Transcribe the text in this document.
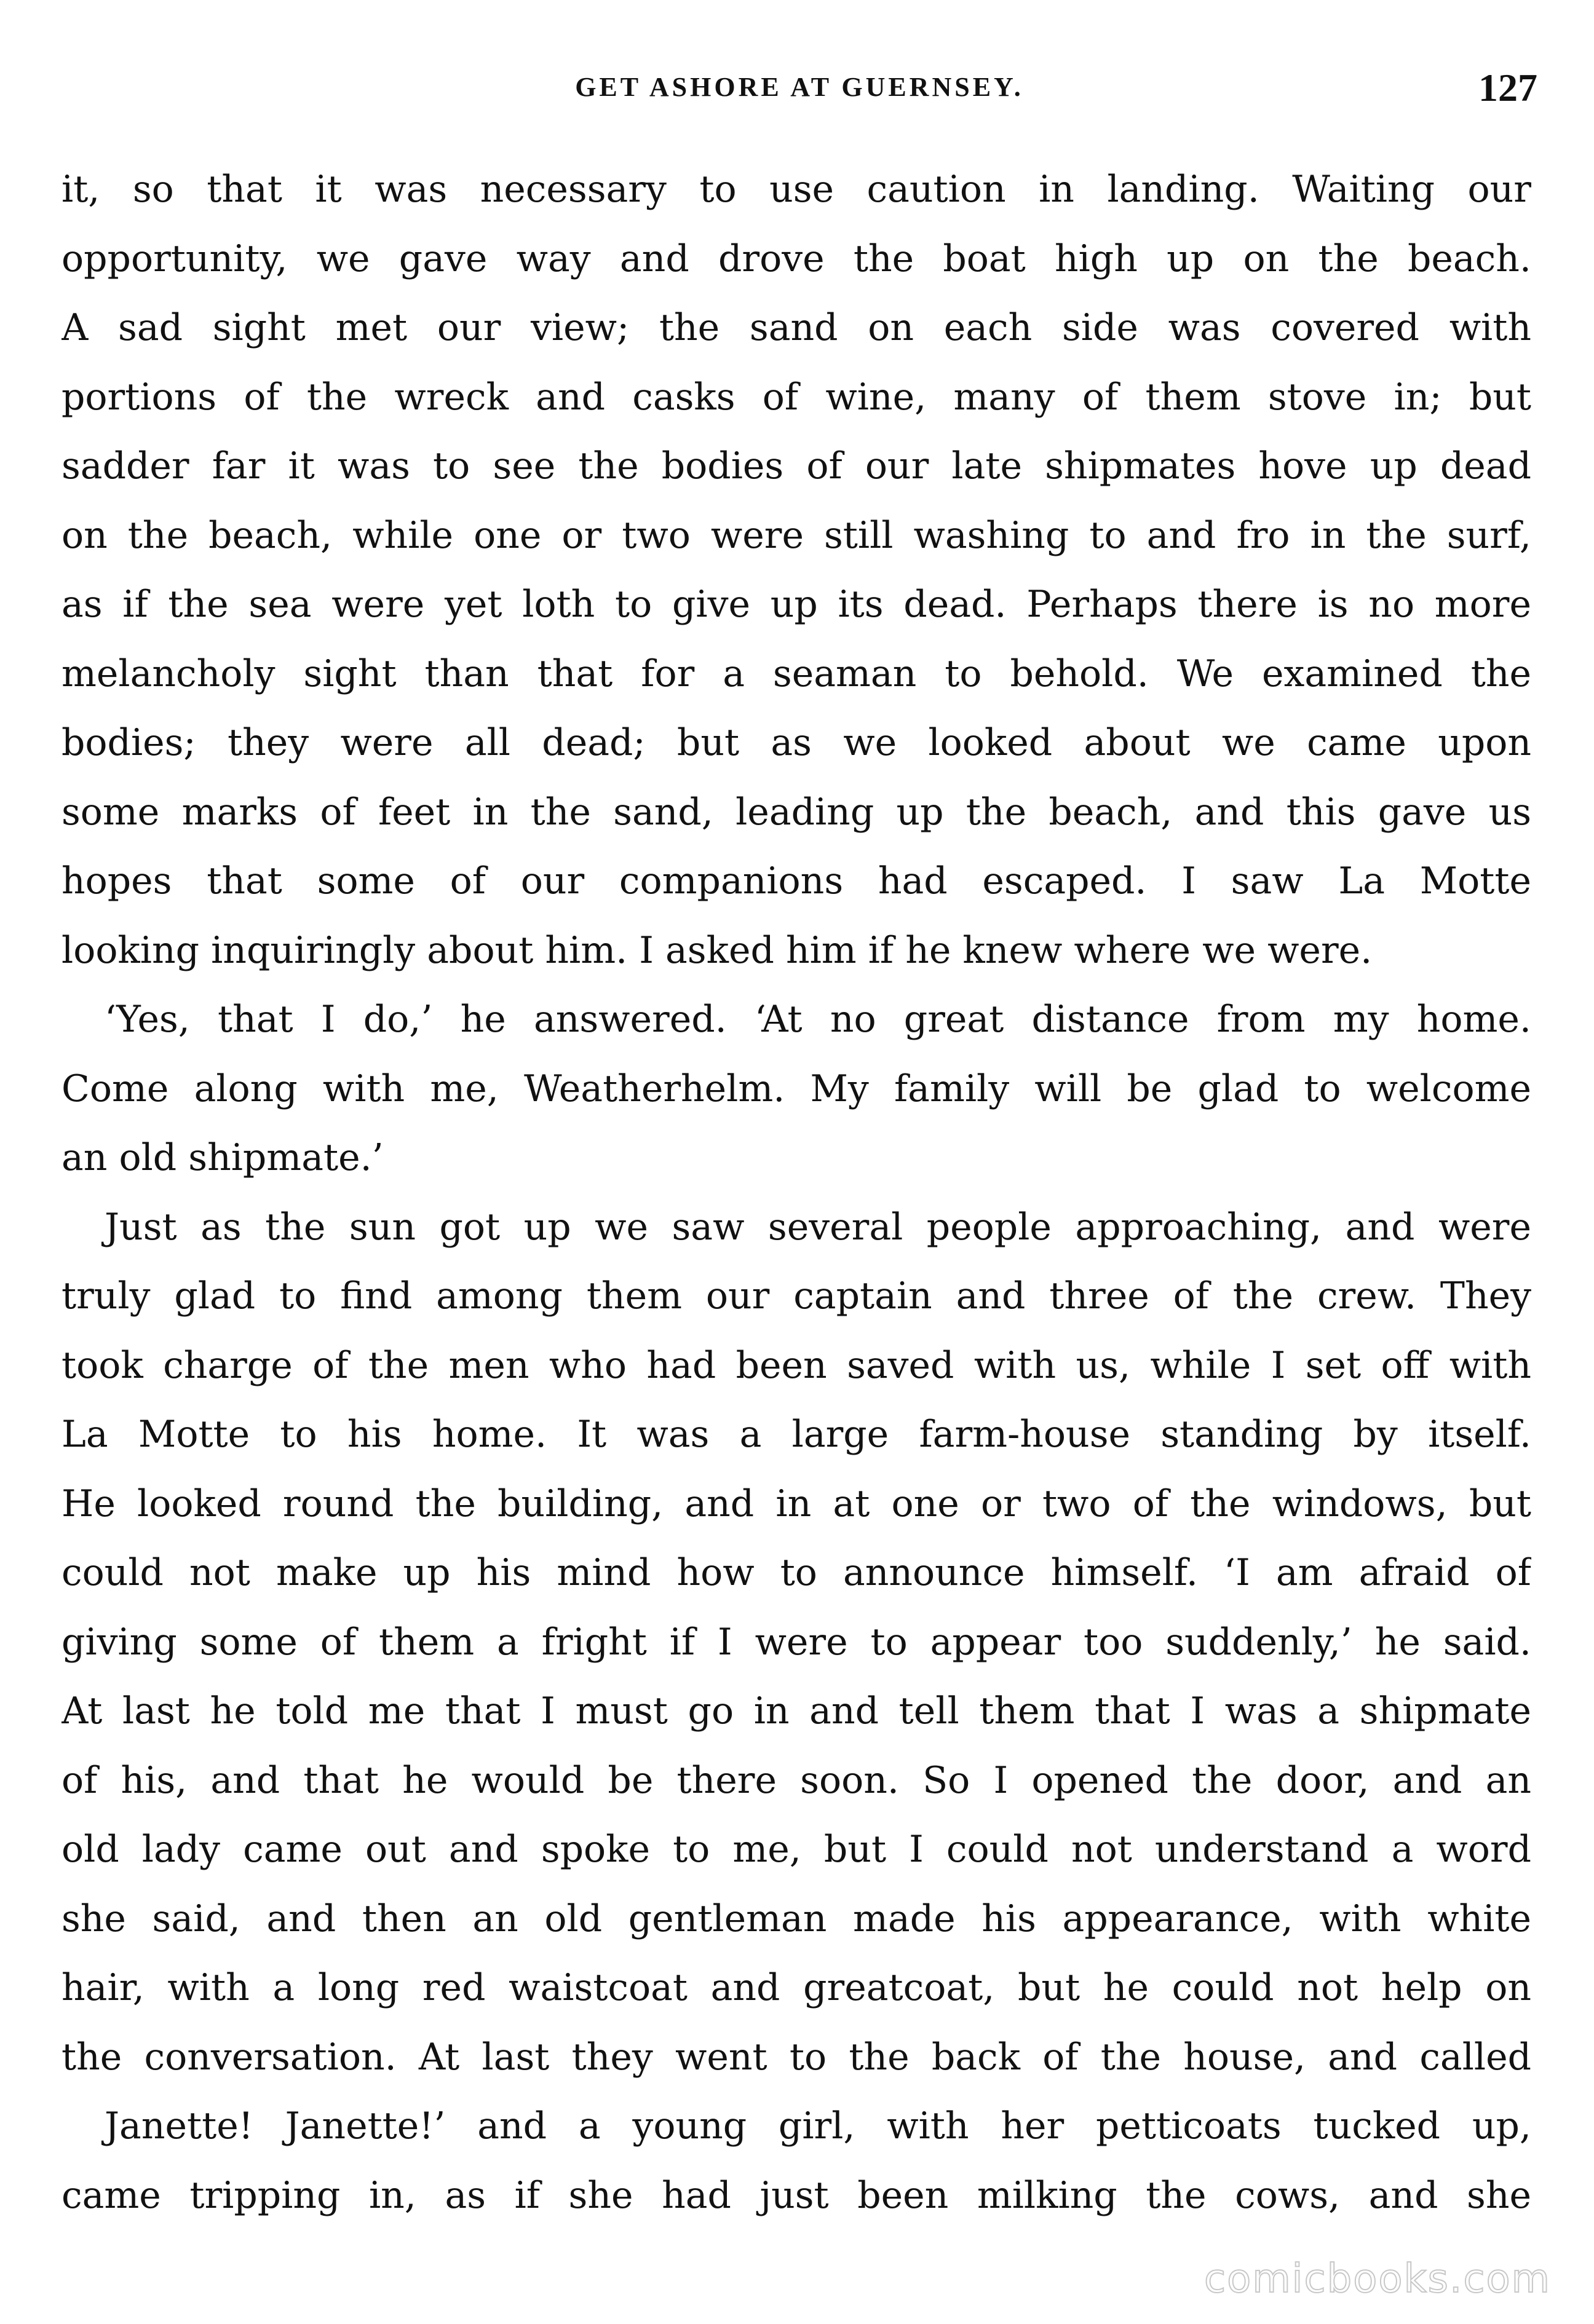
GET ASHORE AT GUERNSEY.	127
it, so that it was necessary to use caution in landing. Waiting our
opportunity, we gave way and drove the boat high up on the beach.
A sad sight met our view; the sand on each side was covered with
portions of the wreck and casks of wine, many of them stove in; but
sadder far it was to see the bodies of our late shipmates hove up dead
on the beach, while one or two were still washing to and fro in the surf,
as if the sea were yet loth to give up its dead. Perhaps there is no more
melancholy sight than that for a seaman to behold. We examined the
bodies; they were all dead; but as we looked about we came upon
some marks of feet in the sand, leading up the beach, and this gave us
hopes that some of our companions had escaped. I saw La Motte
looking inquiringly about him. I asked him if he knew where we were.
‘Yes, that I do,’ he answered. ‘At no great distance from my home.
Come along with me, Weatherhelm. My family will be glad to welcome
an old shipmate.’
Just as the sun got up we saw several people approaching, and were
truly glad to find among them our captain and three of the crew. They
took charge of the men who had been saved with us, while I set off with
La Motte to his home. It was a large farm-house standing by itself.
He looked round the building, and in at one or two of the windows, but
could not make up his mind how to announce himself. ‘I am afraid of
giving some of them a fright if I were to appear too suddenly,’ he said.
At last he told me that I must go in and tell them that I was a shipmate
of his, and that he would be there soon. So I opened the door, and an
old lady came out and spoke to me, but I could not understand a word
she said, and then an old gentleman made his appearance, with white
hair, with a long red waistcoat and greatcoat, but he could not help on
the conversation. At last they went to the back of the house, and called
Janette! Janette!’ and a young girl, with her petticoats tucked up,
came tripping in, as if she had just been milking the cows, and she
comicbooks.com
